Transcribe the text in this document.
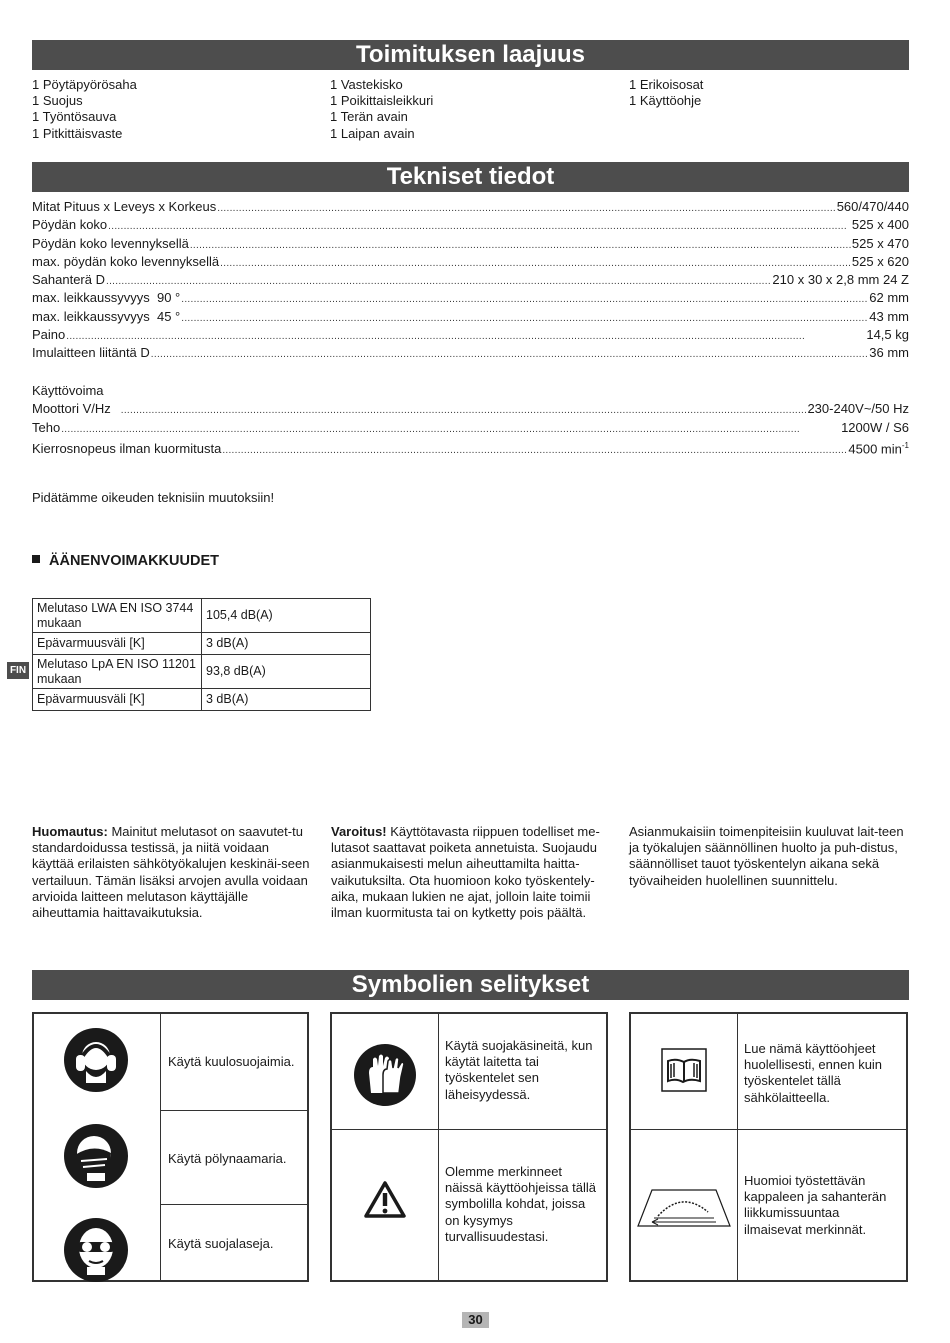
Toimituksen laajuus
1 Pöytäpyörösaha
1 Suojus
1 Työntösauva
1 Pitkittäisvaste
1 Vastekisko
1 Poikittaisleikkuri
1 Terän avain
1 Laipan avain
1 Erikoisosat
1 Käyttöohje
Tekniset tiedot
Mitat Pituus x Leveys x Korkeus .....	560/470/440
Pöydän koko .....	525 x 400
Pöydän koko levennyksellä .....	525 x 470
max. pöydän koko levennyksellä .....	525 x 620
Sahanterä D .....	210 x 30 x 2,8 mm 24 Z
max. leikkaussyvyys  90 ° .....	62 mm
max. leikkaussyvyys  45 ° .....	43 mm
Paino .....	14,5 kg
Imulaitteen liitäntä D .....	36 mm
Käyttövoima
Moottori V/Hz .....	230-240V~/50 Hz
Teho .....	1200W / S6
Kierrosnopeus ilman kuormitusta .....	4500 $\min^{-1}$
Pidätämme oikeuden teknisiin muutoksiin!
ÄÄNENVOIMAKKUUDET
Melutaso LWA EN ISO 3744 mukaan	105,4 dB(A)
Epävarmuusväli [K]	3 dB(A)
Melutaso LpA EN ISO 11201 mukaan	93,8 dB(A)
Epävarmuusväli [K]	3 dB(A)
FIN
Huomautus: Mainitut melutasot on saavutet-tu standardoidussa testissä, ja niitä voidaan käyttää erilaisten sähkötyökalujen keskinäi-seen vertailuun. Tämän lisäksi arvojen avulla voidaan arvioida laitteen melutason käyttäjälle aiheuttamia haittavaikutuksia.
Varoitus! Käyttötavasta riippuen todelliset me-lutasot saattavat poiketa annetuista. Suojaudu asianmukaisesti melun aiheuttamilta haitta-vaikutuksilta. Ota huomioon koko työskentely-aika, mukaan lukien ne ajat, jolloin laite toimii ilman kuormitusta tai on kytketty pois päältä.
Asianmukaisiin toimenpiteisiin kuuluvat lait-teen ja työkalujen säännöllinen huolto ja puh-distus, säännölliset tauot työskentelyn aikana sekä työvaiheiden huolellinen suunnittelu.
Symbolien selitykset
Käytä kuulosuojaimia.
Käytä pölynaamaria.
Käytä suojalaseja.
Käytä suojakäsineitä, kun käytät laitetta tai työskentelet sen läheisyydessä.
Olemme merkinneet näissä käyttöohjeissa tällä symbolilla kohdat, joissa on kysymys turvallisuudestasi.
Lue nämä käyttöohjeet huolellisesti, ennen kuin työskentelet tällä sähkölaitteella.
Huomioi työstettävän kappaleen ja sahanterän liikkumissuuntaa ilmaisevat merkinnät.
30
